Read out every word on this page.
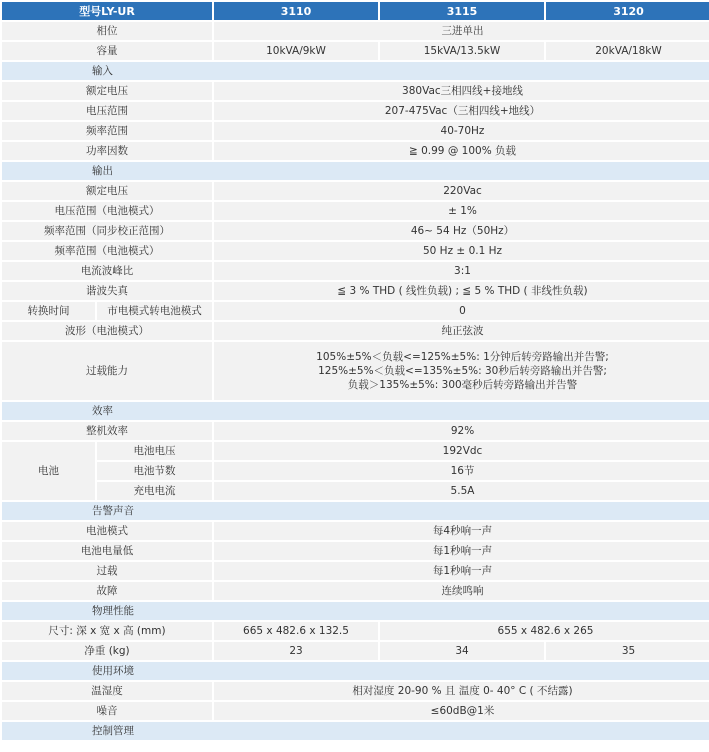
型号LY-UR		3110	3115	3120
相位		三进单出		
容量		10kVA/9kW	15kVA/13.5kW	20kVA/18kW
输入				
额定电压		380Vac三相四线+接地线		
电压范围		207-475Vac（三相四线+地线）		
频率范围		40-70Hz		
功率因数		≧ 0.99 @ 100% 负载		
输出				
额定电压		220Vac		
电压范围（电池模式）		± 1%		
频率范围（同步校正范围）		46~ 54 Hz（50Hz）		
频率范围（电池模式）		50 Hz ± 0.1 Hz		
电流波峰比		3:1		
谐波失真		≦ 3 % THD ( 线性负载) ; ≦ 5 % THD ( 非线性负载)		
转换时间	市电模式转电池模式	0		
波形（电池模式）		纯正弦波		
过载能力		105%±5%＜负载<=125%±5%: 1分钟后转旁路输出并告警;
125%±5%＜负载<=135%±5%: 30秒后转旁路输出并告警;
负载＞135%±5%: 300毫秒后转旁路输出并告警		

效率				
整机效率		92%		
电池	电池电压	192Vdc		
	电池节数	16节		
	充电电流	5.5A		
告警声音				
电池模式		每4秒响一声		
电池电量低		每1秒响一声		
过载		每1秒响一声		
故障		连续鸣响		
物理性能				
尺寸: 深 x 宽 x 高 (mm)		665 x 482.6 x 132.5	655 x 482.6 x 265	
净重 (kg)		23	34	35
使用环境				
温湿度		相对湿度 20-90 % 且 温度 0- 40° C ( 不结露)		
噪音		≤60dB@1米		
控制管理				
